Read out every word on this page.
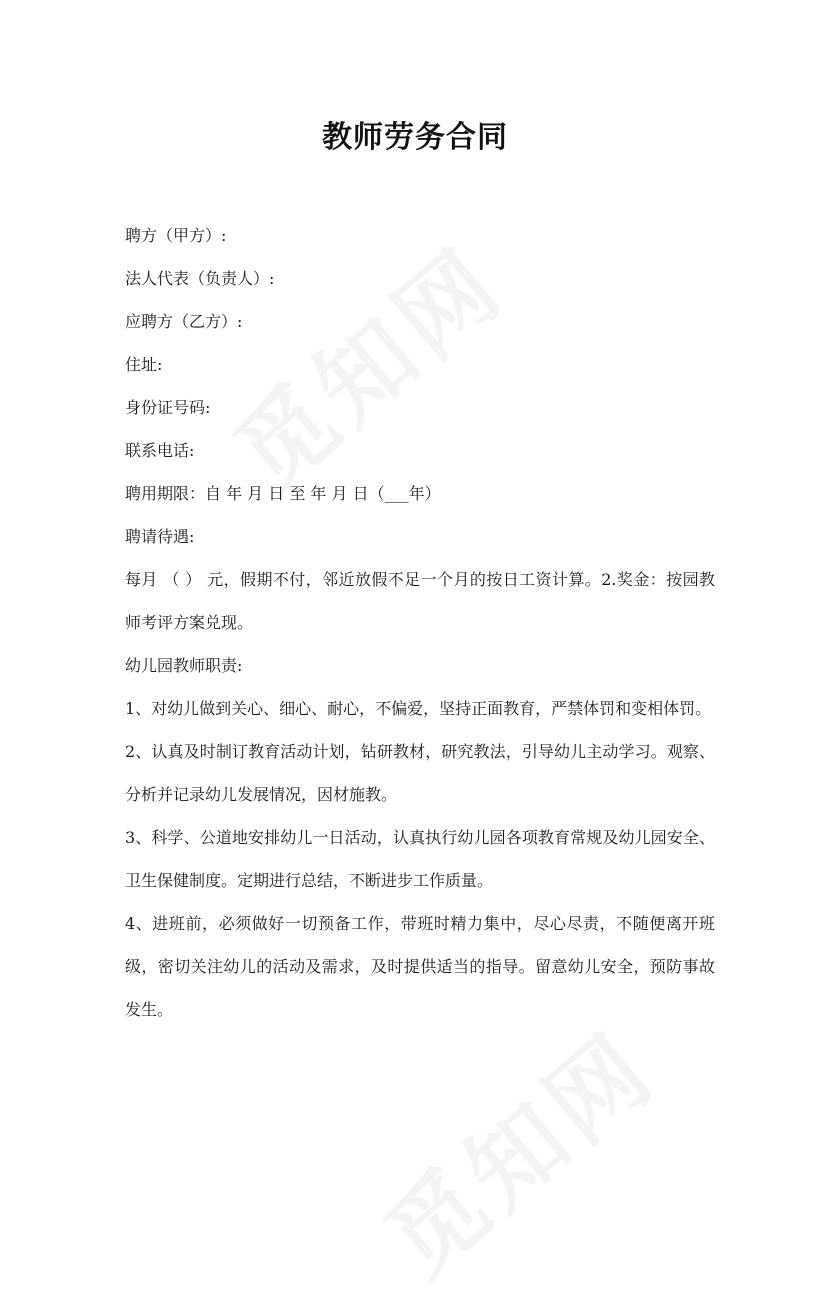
教师劳务合同
聘方（甲方）:
法人代表（负责人）:
应聘方（乙方）:
住址:
身份证号码:
联系电话:
聘用期限：自 年 月 日 至 年 月 日（___年）
聘请待遇:
每月 （ ） 元，假期不付，邻近放假不足一个月的按日工资计算。2.奖金：按园教师考评方案兑现。
幼儿园教师职责:
1、对幼儿做到关心、细心、耐心，不偏爱，坚持正面教育，严禁体罚和变相体罚。
2、认真及时制订教育活动计划，钻研教材，研究教法，引导幼儿主动学习。观察、分析并记录幼儿发展情况，因材施教。
3、科学、公道地安排幼儿一日活动，认真执行幼儿园各项教育常规及幼儿园安全、卫生保健制度。定期进行总结，不断进步工作质量。
4、进班前，必须做好一切预备工作，带班时精力集中，尽心尽责，不随便离开班级，密切关注幼儿的活动及需求，及时提供适当的指导。留意幼儿安全，预防事故发生。
